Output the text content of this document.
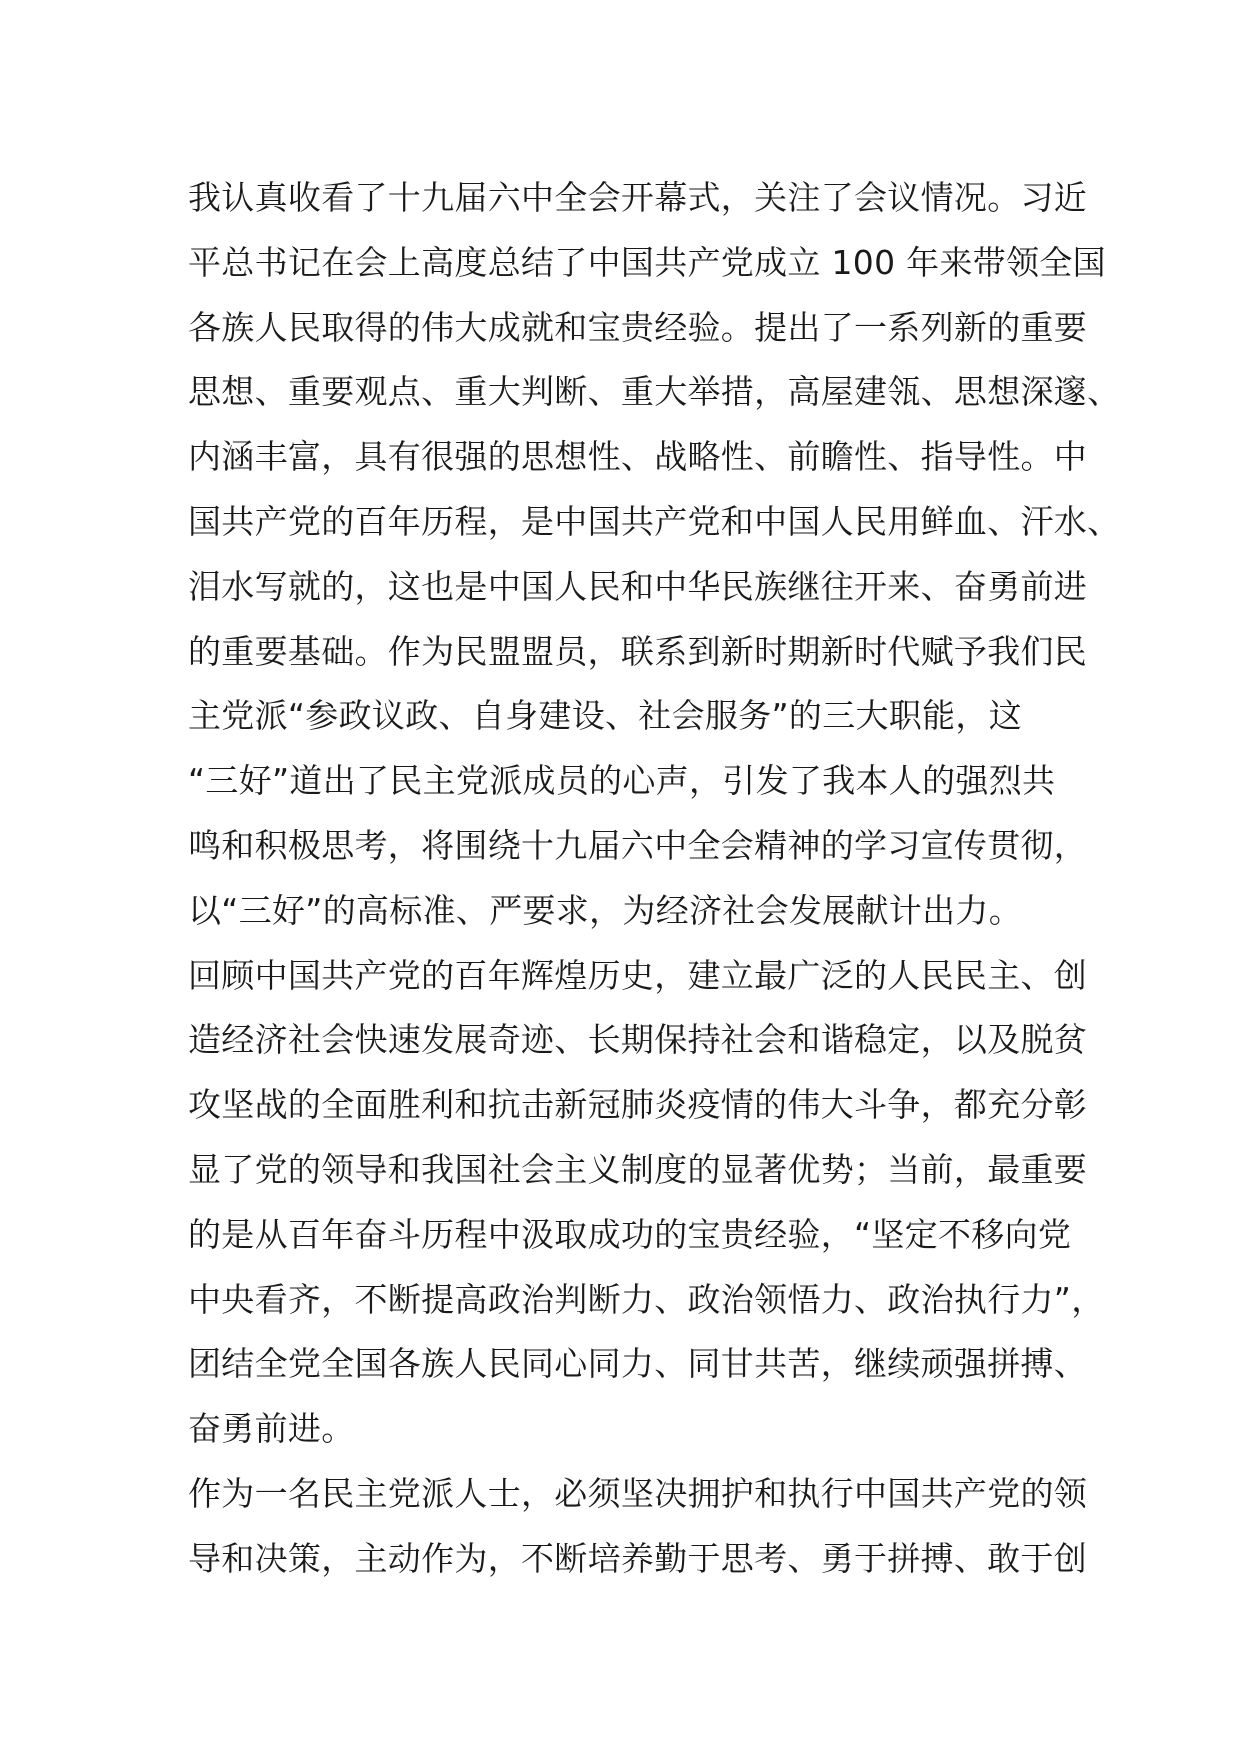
我认真收看了十九届六中全会开幕式，关注了会议情况。习近
平总书记在会上高度总结了中国共产党成立 100 年来带领全国
各族人民取得的伟大成就和宝贵经验。提出了一系列新的重要
思想、重要观点、重大判断、重大举措，高屋建瓴、思想深邃、
内涵丰富，具有很强的思想性、战略性、前瞻性、指导性。中
国共产党的百年历程，是中国共产党和中国人民用鲜血、汗水、
泪水写就的，这也是中国人民和中华民族继往开来、奋勇前进
的重要基础。作为民盟盟员，联系到新时期新时代赋予我们民
主党派“参政议政、自身建设、社会服务”的三大职能，这
“三好”道出了民主党派成员的心声，引发了我本人的强烈共
鸣和积极思考，将围绕十九届六中全会精神的学习宣传贯彻，
以“三好”的高标准、严要求，为经济社会发展献计出力。
回顾中国共产党的百年辉煌历史，建立最广泛的人民民主、创
造经济社会快速发展奇迹、长期保持社会和谐稳定，以及脱贫
攻坚战的全面胜利和抗击新冠肺炎疫情的伟大斗争，都充分彰
显了党的领导和我国社会主义制度的显著优势；当前，最重要
的是从百年奋斗历程中汲取成功的宝贵经验，“坚定不移向党
中央看齐，不断提高政治判断力、政治领悟力、政治执行力”，
团结全党全国各族人民同心同力、同甘共苦，继续顽强拼搏、
奋勇前进。
作为一名民主党派人士，必须坚决拥护和执行中国共产党的领
导和决策，主动作为，不断培养勤于思考、勇于拼搏、敢于创
